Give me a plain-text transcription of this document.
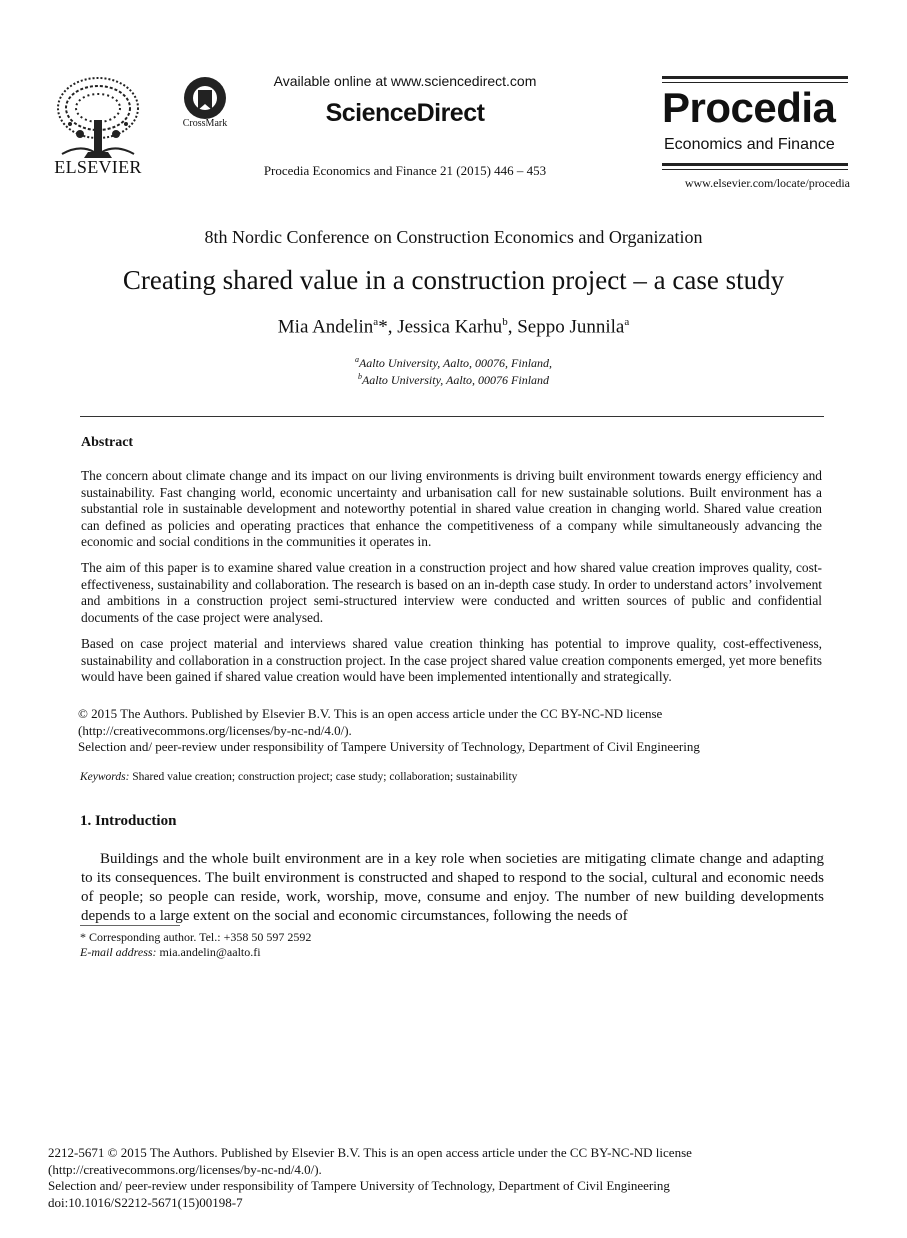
ELSEVIER
CrossMark
Available online at www.sciencedirect.com
ScienceDirect
Procedia Economics and Finance 21 (2015) 446 – 453
Procedia
Economics and Finance
www.elsevier.com/locate/procedia
8th Nordic Conference on Construction Economics and Organization
Creating shared value in a construction project – a case study
Mia Andelin$^a$*, Jessica Karhu$^b$, Seppo Junnila$^a$
$^a$Aalto University, Aalto, 00076, Finland,
$^b$Aalto University, Aalto, 00076 Finland
Abstract
The concern about climate change and its impact on our living environments is driving built environment towards energy efficiency and sustainability. Fast changing world, economic uncertainty and urbanisation call for new sustainable solutions. Built environment has a substantial role in sustainable development and noteworthy potential in shared value creation in changing world. Shared value creation can defined as policies and operating practices that enhance the competitiveness of a company while simultaneously advancing the economic and social conditions in the communities it operates in.
The aim of this paper is to examine shared value creation in a construction project and how shared value creation improves quality, cost-effectiveness, sustainability and collaboration. The research is based on an in-depth case study. In order to understand actors’ involvement and ambitions in a construction project semi-structured interview were conducted and written sources of public and confidential documents of the case project were analysed.
Based on case project material and interviews shared value creation thinking has potential to improve quality, cost-effectiveness, sustainability and collaboration in a construction project. In the case project shared value creation components emerged, yet more benefits would have been gained if shared value creation would have been implemented intentionally and strategically.
© 2015 The Authors. Published by Elsevier B.V. This is an open access article under the CC BY-NC-ND license
(http://creativecommons.org/licenses/by-nc-nd/4.0/).
Selection and/ peer-review under responsibility of Tampere University of Technology, Department of Civil Engineering
Keywords: Shared value creation; construction project; case study; collaboration; sustainability
1. Introduction
Buildings and the whole built environment are in a key role when societies are mitigating climate change and adapting to its consequences. The built environment is constructed and shaped to respond to the social, cultural and economic needs of people; so people can reside, work, worship, move, consume and enjoy. The number of new building developments depends to a large extent on the social and economic circumstances, following the needs of
* Corresponding author. Tel.: +358 50 597 2592
E-mail address: mia.andelin@aalto.fi
2212-5671 © 2015 The Authors. Published by Elsevier B.V. This is an open access article under the CC BY-NC-ND license
(http://creativecommons.org/licenses/by-nc-nd/4.0/).
Selection and/ peer-review under responsibility of Tampere University of Technology, Department of Civil Engineering
doi:10.1016/S2212-5671(15)00198-7
